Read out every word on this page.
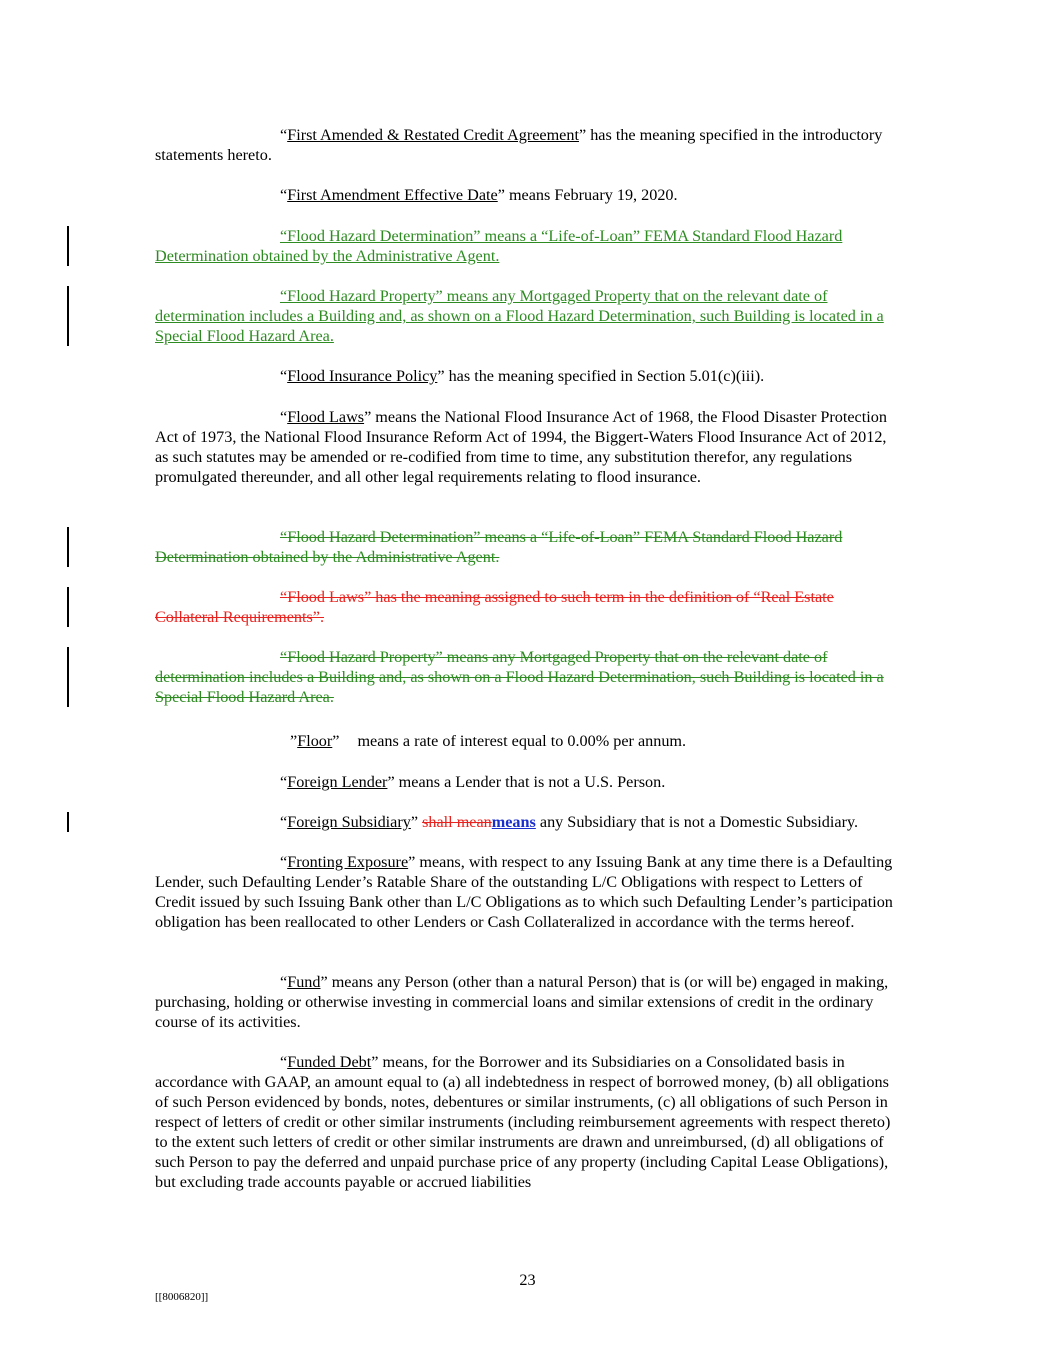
“First Amended & Restated Credit Agreement” has the meaning specified in the introductory statements hereto.

“First Amendment Effective Date” means February 19, 2020.

“Flood Hazard Determination” means a “Life-of-Loan” FEMA Standard Flood Hazard Determination obtained by the Administrative Agent.

“Flood Hazard Property” means any Mortgaged Property that on the relevant date of determination includes a Building and, as shown on a Flood Hazard Determination, such Building is located in a Special Flood Hazard Area.

“Flood Insurance Policy” has the meaning specified in Section 5.01(c)(iii).

“Flood Laws” means the National Flood Insurance Act of 1968, the Flood Disaster Protection Act of 1973, the National Flood Insurance Reform Act of 1994, the Biggert-Waters Flood Insurance Act of 2012, as such statutes may be amended or re-codified from time to time, any substitution therefor, any regulations promulgated thereunder, and all other legal requirements relating to flood insurance.

“Flood Hazard Determination” means a “Life-of-Loan” FEMA Standard Flood Hazard Determination obtained by the Administrative Agent.

“Flood Laws” has the meaning assigned to such term in the definition of “Real Estate Collateral Requirements”.

“Flood Hazard Property” means any Mortgaged Property that on the relevant date of determination includes a Building and, as shown on a Flood Hazard Determination, such Building is located in a Special Flood Hazard Area.

”Floor” means a rate of interest equal to 0.00% per annum.

“Foreign Lender” means a Lender that is not a U.S. Person.

“Foreign Subsidiary” shall meanmeans any Subsidiary that is not a Domestic Subsidiary.

“Fronting Exposure” means, with respect to any Issuing Bank at any time there is a Defaulting Lender, such Defaulting Lender’s Ratable Share of the outstanding L/C Obligations with respect to Letters of Credit issued by such Issuing Bank other than L/C Obligations as to which such Defaulting Lender’s participation obligation has been reallocated to other Lenders or Cash Collateralized in accordance with the terms hereof.

“Fund” means any Person (other than a natural Person) that is (or will be) engaged in making, purchasing, holding or otherwise investing in commercial loans and similar extensions of credit in the ordinary course of its activities.

“Funded Debt” means, for the Borrower and its Subsidiaries on a Consolidated basis in accordance with GAAP, an amount equal to (a) all indebtedness in respect of borrowed money, (b) all obligations of such Person evidenced by bonds, notes, debentures or similar instruments, (c) all obligations of such Person in respect of letters of credit or other similar instruments (including reimbursement agreements with respect thereto) to the extent such letters of credit or other similar instruments are drawn and unreimbursed, (d) all obligations of such Person to pay the deferred and unpaid purchase price of any property (including Capital Lease Obligations), but excluding trade accounts payable or accrued liabilities

23
[[8006820]]
